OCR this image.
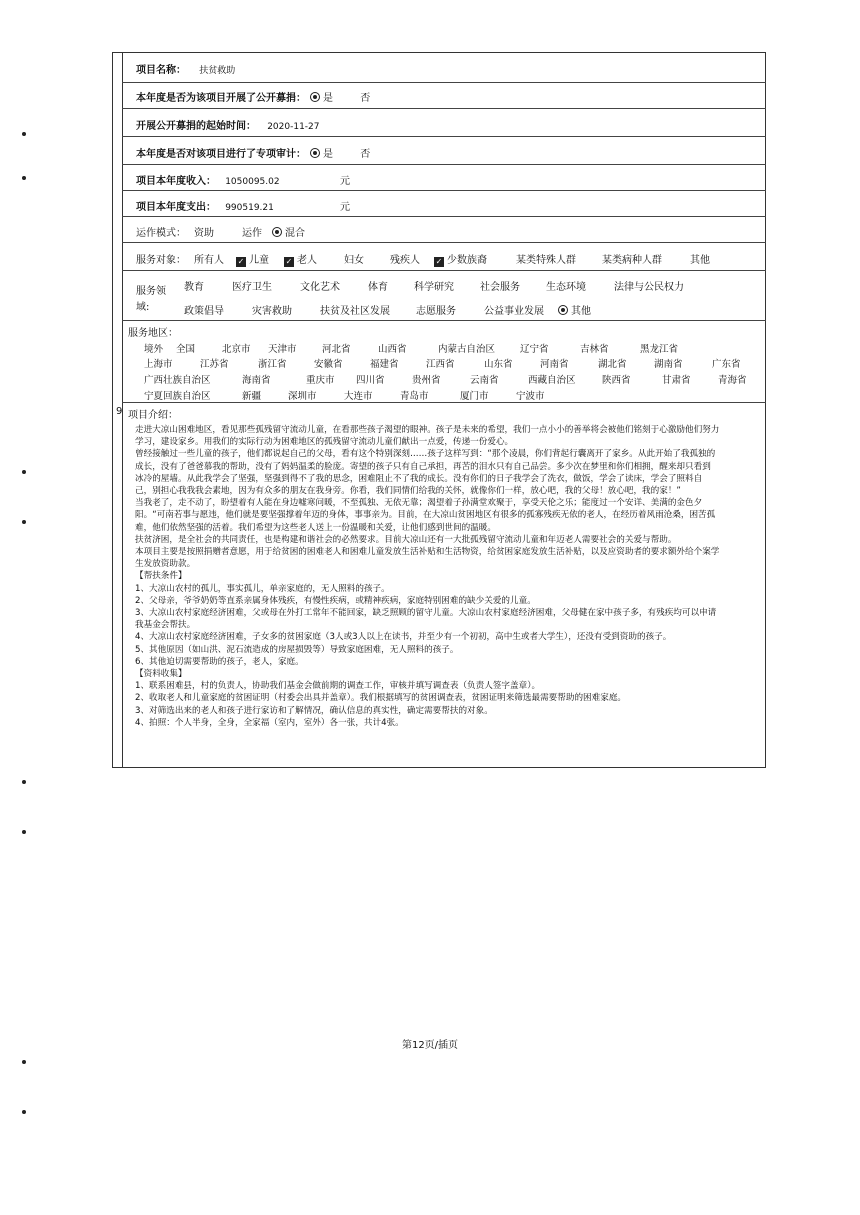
项目名称： 扶贫救助
本年度是否为该项目开展了公开募捐： 是	否
开展公开募捐的起始时间： 2020-11-27
本年度是否对该项目进行了专项审计： 是	否
项目本年度收入： 1050095.02	元
项目本年度支出： 990519.21	元
运作模式： 资助	运作	混合
服务对象： 所有人 ✓ 儿童 ✓ 老人	妇女	残疾人 ✓ 少数族裔	某类特殊人群	某类病种人群	其他
服务领
域:
教育	医疗卫生	文化艺术	体育	科学研究	社会服务	生态环境	法律与公民权力
政策倡导	灾害救助	扶贫及社区发展	志愿服务	公益事业发展	其他
服务地区：
境外 全国	北京市 天津市	河北省	山西省	内蒙古自治区	辽宁省	吉林省	黑龙江省
上海市	江苏省	浙江省	安徽省	福建省	江西省	山东省	河南省	湖北省	湖南省	广东省
广西壮族自治区	海南省	重庆市 四川省	贵州省	云南省	西藏自治区	陕西省	甘肃省	青海省
宁夏回族自治区	新疆	深圳市	大连市	青岛市	厦门市	宁波市
9 项目介绍：

走进大凉山困难地区，看见那些孤残留守流动儿童，在看那些孩子渴望的眼神。孩子是未来的希望，我们一点小小的善举将会被他们铭刻于心激励他们努力

学习，建设家乡。用我们的实际行动为困难地区的孤残留守流动儿童们献出一点爱，传递一份爱心。

曾经接触过一些儿童的孩子，他们都说起自己的父母，看有这个特别深刻……孩子这样写到：“那个凌晨，你们背起行囊离开了家乡。从此开始了我孤独的

成长，没有了爸爸慕我的帮助，没有了妈妈温柔的脸庞。寄望的孩子只有自己承担，再苦的泪水只有自己品尝。多少次在梦里和你们相拥，醒来却只看到

冰冷的屋墙。从此我学会了坚强，坚强到得不了我的思念，困难阻止不了我的成长。没有你们的日子我学会了洗衣，做饭，学会了读床，学会了照料自

己，别担心我我我会素地，因为有众多的朋友在我身旁。你看，我们同情们给我的关怀，就像你们一样，放心吧，我的父母！放心吧，我的家！”

当我老了，走不动了，盼望着有人能在身边嘘寒问暖，不至孤独、无依无靠；渴望着子孙满堂欢聚于，享受天伦之乐；能度过一个安详、美满的金色夕

阳。“可南若事与愿违，他们就是要坚强撑着年迈的身体，事事亲为。目前，在大凉山贫困地区有很多的孤寡残疾无依的老人，在经历着风雨沧桑，困苦孤

难，他们依然坚强的活着。我们希望为这些老人送上一份温暖和关爱，让他们感到世间的温暖。

扶贫济困，是全社会的共同责任，也是构建和谐社会的必然要求。目前大凉山还有一大批孤残留守流动儿童和年迈老人需要社会的关爱与帮助。

本项目主要是按照捐赠者意愿，用于给贫困的困难老人和困难儿童发放生活补贴和生活物资，给贫困家庭发放生活补贴，以及应资助者的要求额外给个案学

生发放资助款。

【帮扶条件】

1、大凉山农村的孤儿，事实孤儿，单亲家庭的，无人照料的孩子。

2、父母亲，爷爷奶奶等直系亲属身体残疾，有慢性疾病，或精神疾病，家庭特别困难的缺少关爱的儿童。

3、大凉山农村家庭经济困难，父或母在外打工常年不能回家，缺乏照顾的留守儿童。大凉山农村家庭经济困难，父母健在家中孩子多，有残疾均可以申请

我基金会帮扶。

4、大凉山农村家庭经济困难，子女多的贫困家庭（3人或3人以上在读书，并至少有一个初初，高中生或者大学生），还没有受到资助的孩子。

5、其他原因（如山洪、泥石流造成的房屋损毁等）导致家庭困难，无人照料的孩子。

6、其他迫切需要帮助的孩子，老人，家庭。

【资料收集】

1、联系困难县，村的负责人，协助我们基金会做前期的调查工作，审核并填写调查表（负责人签字盖章）。

2、收取老人和儿童家庭的贫困证明（村委会出具并盖章）。我们根据填写的贫困调查表，贫困证明来筛选最需要帮助的困难家庭。

3、对筛选出来的老人和孩子进行家访和了解情况，确认信息的真实性，确定需要帮扶的对象。

4、拍照：个人半身，全身，全家福（室内，室外）各一张，共计4张。

第12页/插页
